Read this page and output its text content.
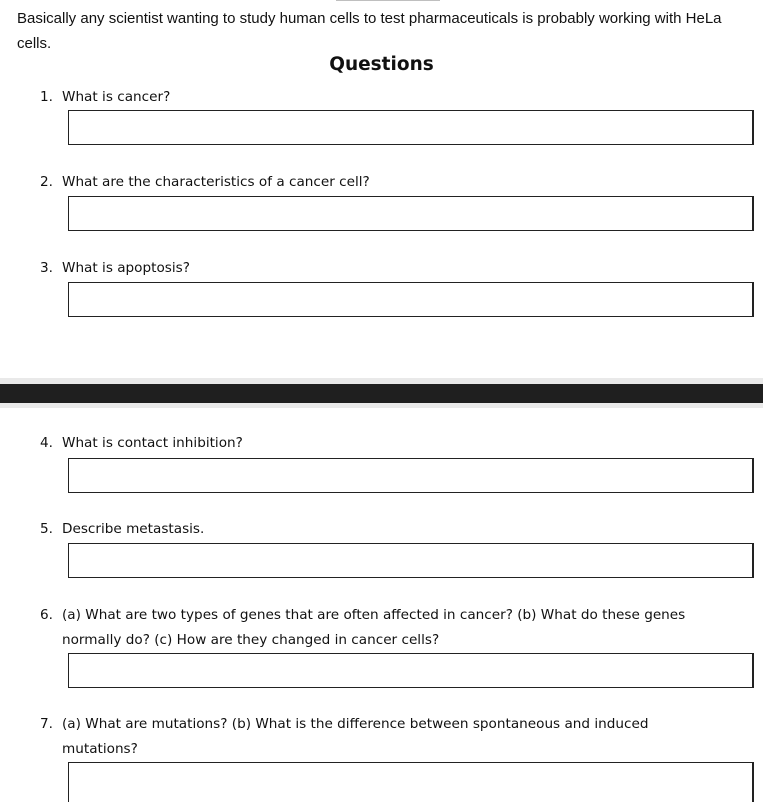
Basically any scientist wanting to study human cells to test pharmaceuticals is probably working with HeLa cells.
Questions
1. What is cancer?
2. What are the characteristics of a cancer cell?
3. What is apoptosis?
4. What is contact inhibition?
5. Describe metastasis.
6. (a) What are two types of genes that are often affected in cancer? (b) What do these genes normally do? (c) How are they changed in cancer cells?
7. (a) What are mutations? (b) What is the difference between spontaneous and induced mutations?
